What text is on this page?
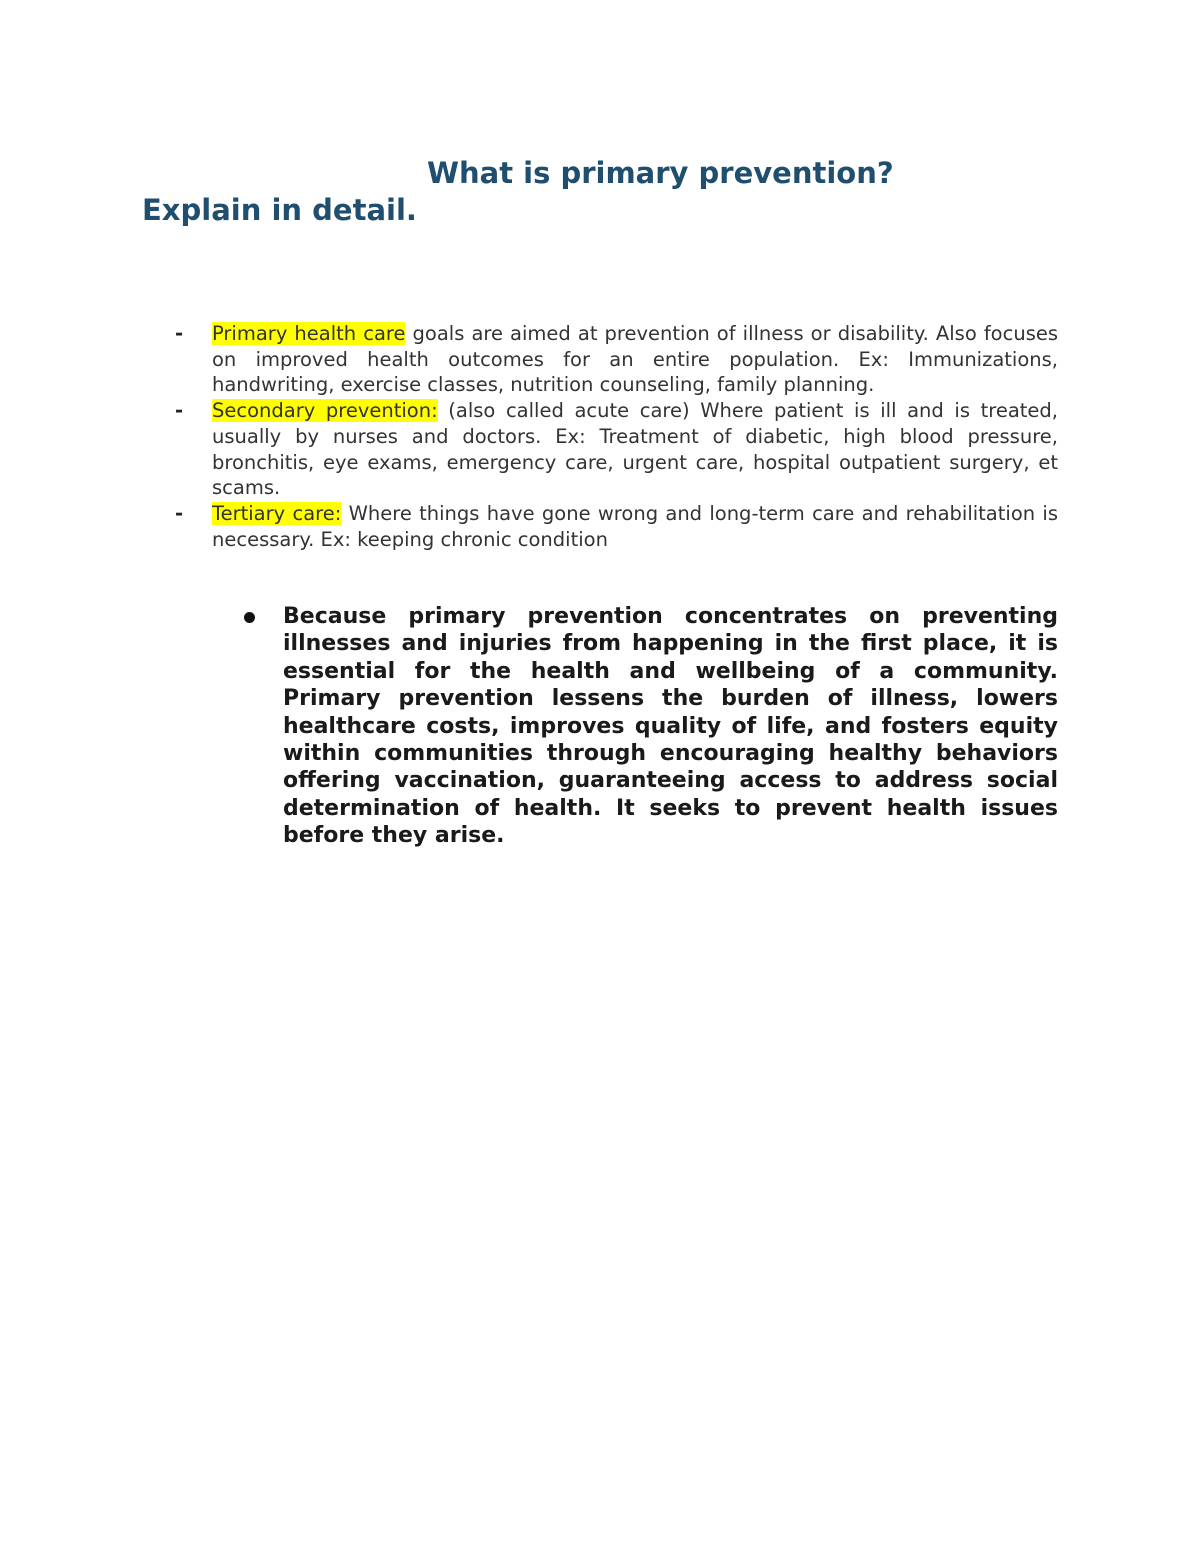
What is primary prevention?
Explain in detail.
- Primary health care goals are aimed at prevention of illness or disability. Also focuses on improved health outcomes for an entire population. Ex: Immunizations, handwriting, exercise classes, nutrition counseling, family planning.
- Secondary prevention: (also called acute care) Where patient is ill and is treated, usually by nurses and doctors. Ex: Treatment of diabetic, high blood pressure, bronchitis, eye exams, emergency care, urgent care, hospital outpatient surgery, et scams.
- Tertiary care: Where things have gone wrong and long-term care and rehabilitation is necessary. Ex: keeping chronic condition
Because primary prevention concentrates on preventing illnesses and injuries from happening in the first place, it is essential for the health and wellbeing of a community. Primary prevention lessens the burden of illness, lowers healthcare costs, improves quality of life, and fosters equity within communities through encouraging healthy behaviors offering vaccination, guaranteeing access to address social determination of health. It seeks to prevent health issues before they arise.
